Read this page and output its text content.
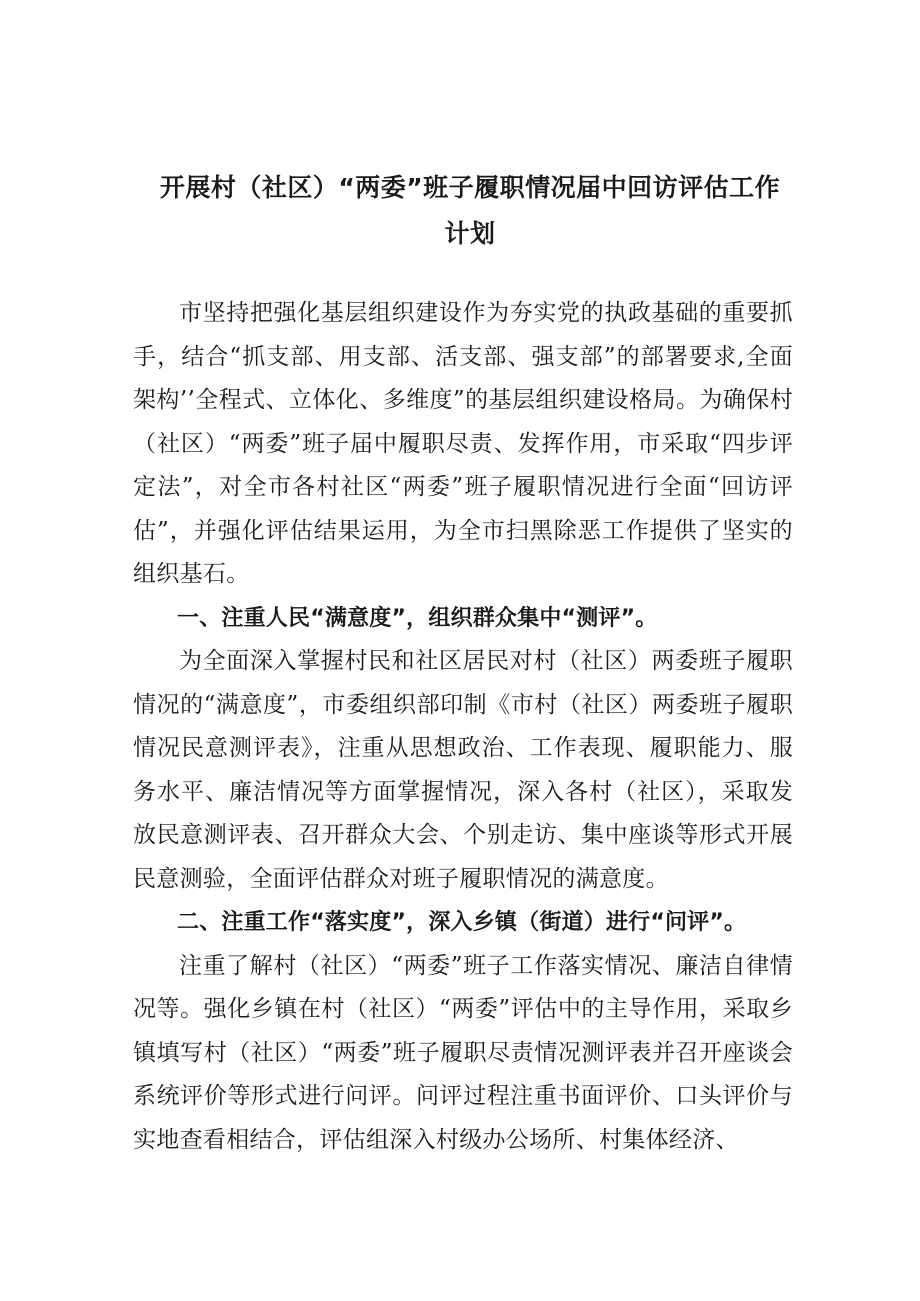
开展村（社区）“两委”班子履职情况届中回访评估工作计划

市坚持把强化基层组织建设作为夯实党的执政基础的重要抓手，结合“抓支部、用支部、活支部、强支部”的部署要求,全面架构’’全程式、立体化、多维度”的基层组织建设格局。为确保村（社区）“两委”班子届中履职尽责、发挥作用，市采取“四步评定法”，对全市各村社区“两委”班子履职情况进行全面“回访评估”，并强化评估结果运用，为全市扫黑除恶工作提供了坚实的组织基石。

一、注重人民“满意度”，组织群众集中“测评”。

为全面深入掌握村民和社区居民对村（社区）两委班子履职情况的“满意度”，市委组织部印制《市村（社区）两委班子履职情况民意测评表》，注重从思想政治、工作表现、履职能力、服务水平、廉洁情况等方面掌握情况，深入各村（社区），采取发放民意测评表、召开群众大会、个别走访、集中座谈等形式开展民意测验，全面评估群众对班子履职情况的满意度。

二、注重工作“落实度”，深入乡镇（街道）进行“问评”。

注重了解村（社区）“两委”班子工作落实情况、廉洁自律情况等。强化乡镇在村（社区）“两委”评估中的主导作用，采取乡镇填写村（社区）“两委”班子履职尽责情况测评表并召开座谈会系统评价等形式进行问评。问评过程注重书面评价、口头评价与实地查看相结合，评估组深入村级办公场所、村集体经济、
